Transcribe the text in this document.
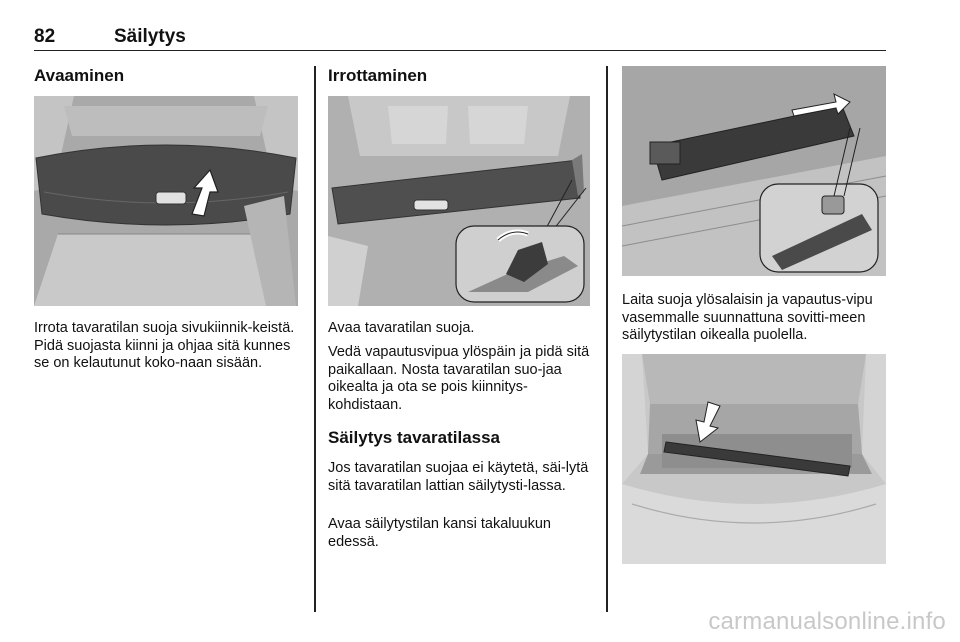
82	Säilytys
Avaaminen

Irrota tavaratilan suoja sivukiinnik-keistä. Pidä suojasta kiinni ja ohjaa sitä kunnes se on kelautunut koko-naan sisään.

Irrottaminen

Avaa tavaratilan suoja.

Vedä vapautusvipua ylöspäin ja pidä sitä paikallaan. Nosta tavaratilan suo-jaa oikealta ja ota se pois kiinnitys-kohdistaan.

Säilytys tavaratilassa

Jos tavaratilan suojaa ei käytetä, säi-lytä sitä tavaratilan lattian säilytysti-lassa.

Avaa säilytystilan kansi takaluukun edessä.

Laita suoja ylösalaisin ja vapautus-vipu vasemmalle suunnattuna sovitti-meen säilytystilan oikealla puolella.

carmanualsonline.info
